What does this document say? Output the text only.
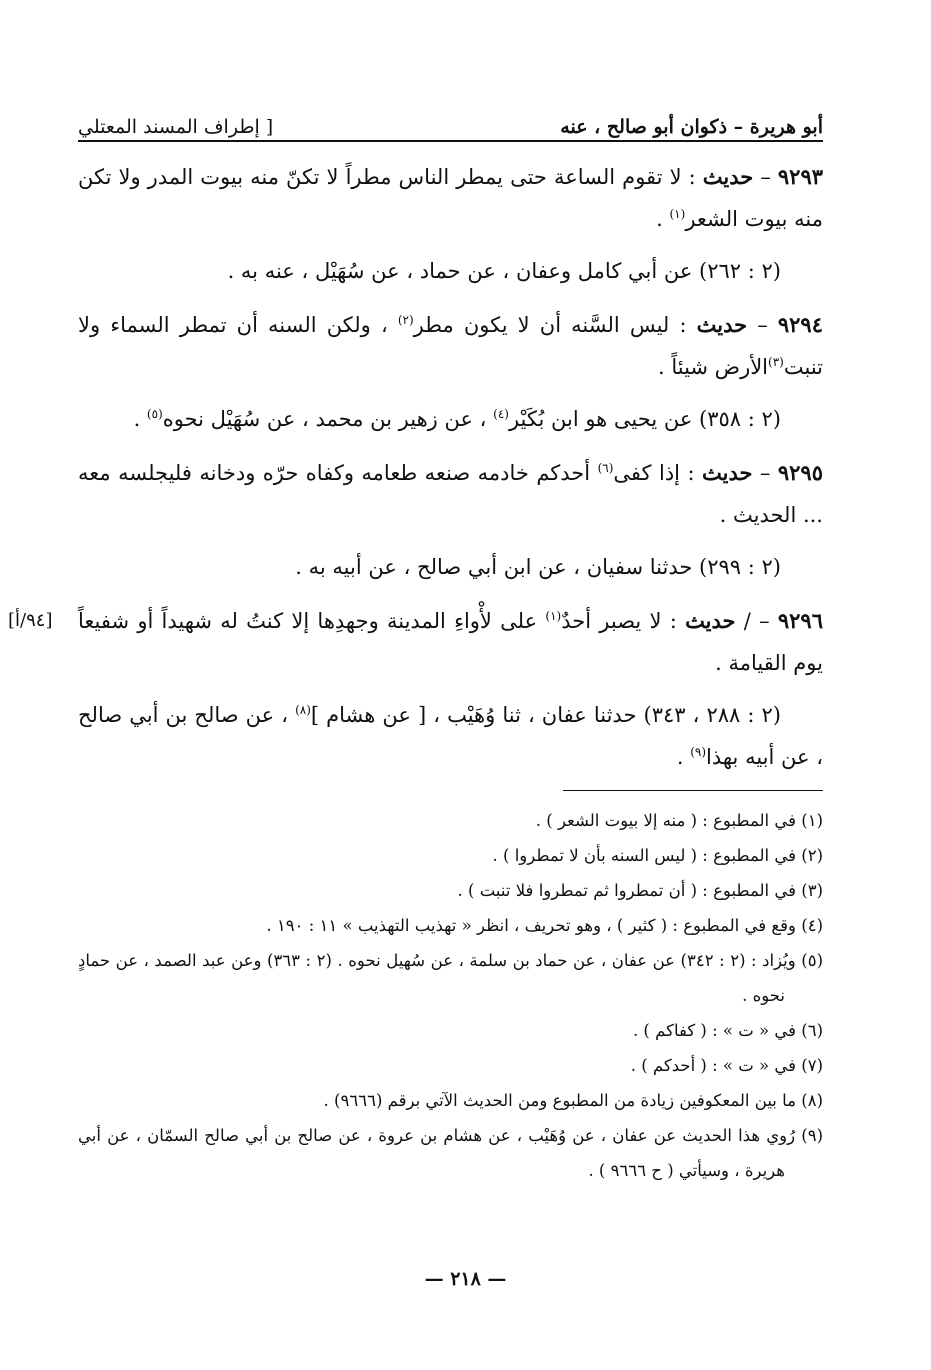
أبو هريرة – ذكوان أبو صالح ، عنه
[ إطراف المسند المعتلي

٩٢٩٣ – حديث : لا تقوم الساعة حتى يمطر الناس مطراً لا تكنّ منه بيوت المدر ولا تكن منه بيوت الشعر$^{(١)}$ .

(٢ : ٢٦٢) عن أبي كامل وعفان ، عن حماد ، عن سُهَيْل ، عنه به .

٩٢٩٤ – حديث : ليس السَّنه أن لا يكون مطر$^{(٢)}$ ، ولكن السنه أن تمطر السماء ولا تنبت$^{(٣)}$الأرض شيئاً .

(٢ : ٣٥٨) عن يحيى هو ابن بُكَيْر$^{(٤)}$ ، عن زهير بن محمد ، عن سُهَيْل نحوه$^{(٥)}$ .

٩٢٩٥ – حديث : إذا كفى$^{(٦)}$ أحدكم خادمه صنعه طعامه وكفاه حرّه ودخانه فليجلسه معه ... الحديث .

(٢ : ٢٩٩) حدثنا سفيان ، عن ابن أبي صالح ، عن أبيه به .

[٩٤/أ]	٩٢٩٦ – / حديث : لا يصبر أحدٌ$^{(١)}$ على لأْواءِ المدينة وجهدِها إلا كنتُ له شهيداً أو شفيعاً يوم القيامة .

(٢ : ٢٨٨ ، ٣٤٣) حدثنا عفان ، ثنا وُهَيْب ، [ عن هشام ]$^{(٨)}$ ، عن صالح بن أبي صالح ، عن أبيه بهذا$^{(٩)}$ .

(١) في المطبوع : ( منه إلا بيوت الشعر ) .

(٢) في المطبوع : ( ليس السنه بأن لا تمطروا ) .

(٣) في المطبوع : ( أن تمطروا ثم تمطروا فلا تنبت ) .

(٤) وقع في المطبوع : ( كثير ) ، وهو تحريف ، انظر « تهذيب التهذيب » ١١ : ١٩٠ .

(٥) ويُزاد : (٢ : ٣٤٢) عن عفان ، عن حماد بن سلمة ، عن سُهيل نحوه . (٢ : ٣٦٣) وعن عبد الصمد ، عن حمادٍ نحوه .

(٦) في « ت » : ( كفاكم ) .

(٧) في « ت » : ( أحدكم ) .

(٨) ما بين المعكوفين زيادة من المطبوع ومن الحديث الآتي برقم (٩٦٦٦) .

(٩) رُوي هذا الحديث عن عفان ، عن وُهَيْب ، عن هشام بن عروة ، عن صالح بن أبي صالح السمّان ، عن أبي هريرة ، وسيأتي ( ح ٩٦٦٦ ) .

— ٢١٨ —
